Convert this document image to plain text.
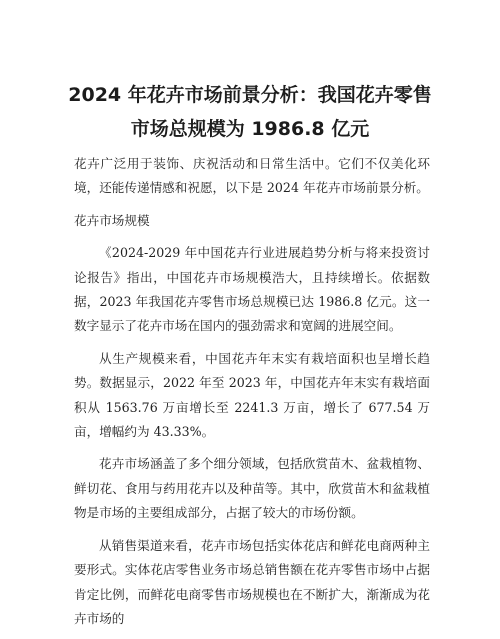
2024 年花卉市场前景分析：我国花卉零售
市场总规模为 1986.8 亿元

花卉广泛用于装饰、庆祝活动和日常生活中。它们不仅美化环境，还能传递情感和祝愿，以下是 2024 年花卉市场前景分析。

花卉市场规模

《2024-2029 年中国花卉行业进展趋势分析与将来投资讨论报告》指出，中国花卉市场规模浩大，且持续增长。依据数据，2023 年我国花卉零售市场总规模已达 1986.8 亿元。这一数字显示了花卉市场在国内的强劲需求和宽阔的进展空间。

从生产规模来看，中国花卉年末实有栽培面积也呈增长趋势。数据显示，2022 年至 2023 年，中国花卉年末实有栽培面积从 1563.76 万亩增长至 2241.3 万亩，增长了 677.54 万亩，增幅约为 43.33%。

花卉市场涵盖了多个细分领域，包括欣赏苗木、盆栽植物、鲜切花、食用与药用花卉以及种苗等。其中，欣赏苗木和盆栽植物是市场的主要组成部分，占据了较大的市场份额。

从销售渠道来看，花卉市场包括实体花店和鲜花电商两种主要形式。实体花店零售业务市场总销售额在花卉零售市场中占据肯定比例，而鲜花电商零售市场规模也在不断扩大，渐渐成为花卉市场的
